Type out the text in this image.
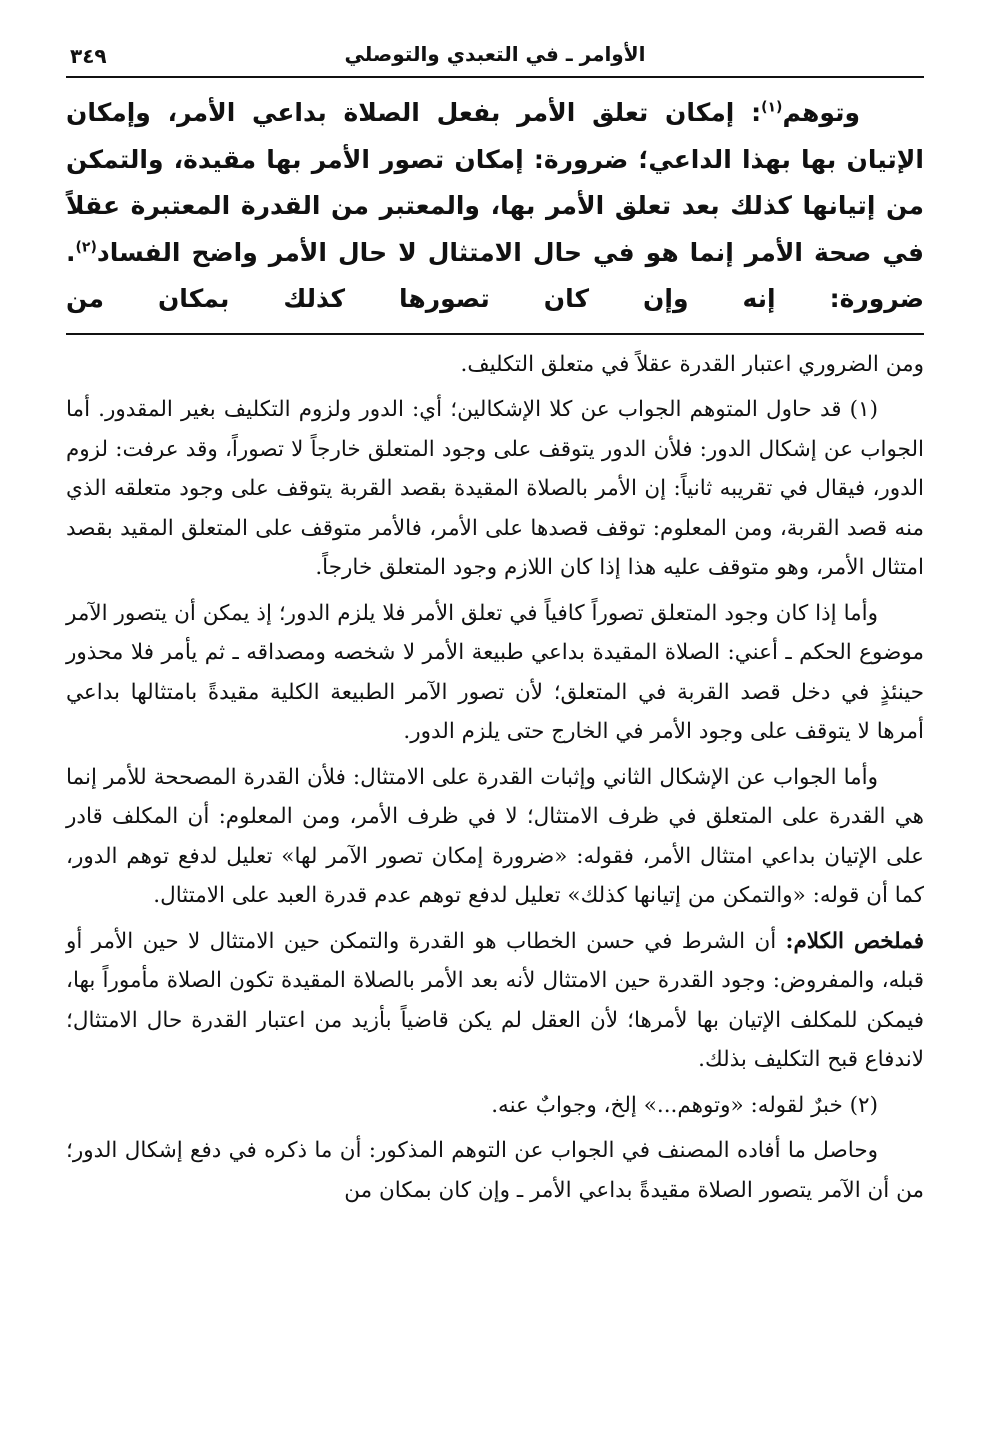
الأوامر ـ في التعبدي والتوصلي
٣٤٩
وتوهم$^{(١)}$: إمكان تعلق الأمر بفعل الصلاة بداعي الأمر، وإمكان الإتيان بها بهذا الداعي؛ ضرورة: إمكان تصور الأمر بها مقيدة، والتمكن من إتيانها كذلك بعد تعلق الأمر بها، والمعتبر من القدرة المعتبرة عقلاً في صحة الأمر إنما هو في حال الامتثال لا حال الأمر واضح الفساد$^{(٢)}$. ضرورة: إنه وإن كان تصورها كذلك بمكان من

ومن الضروري اعتبار القدرة عقلاً في متعلق التكليف.

(١) قد حاول المتوهم الجواب عن كلا الإشكالين؛ أي: الدور ولزوم التكليف بغير المقدور. أما الجواب عن إشكال الدور: فلأن الدور يتوقف على وجود المتعلق خارجاً لا تصوراً، وقد عرفت: لزوم الدور، فيقال في تقريبه ثانياً: إن الأمر بالصلاة المقيدة بقصد القربة يتوقف على وجود متعلقه الذي منه قصد القربة، ومن المعلوم: توقف قصدها على الأمر، فالأمر متوقف على المتعلق المقيد بقصد امتثال الأمر، وهو متوقف عليه هذا إذا كان اللازم وجود المتعلق خارجاً.

وأما إذا كان وجود المتعلق تصوراً كافياً في تعلق الأمر فلا يلزم الدور؛ إذ يمكن أن يتصور الآمر موضوع الحكم ـ أعني: الصلاة المقيدة بداعي طبيعة الأمر لا شخصه ومصداقه ـ ثم يأمر فلا محذور حينئذٍ في دخل قصد القربة في المتعلق؛ لأن تصور الآمر الطبيعة الكلية مقيدةً بامتثالها بداعي أمرها لا يتوقف على وجود الأمر في الخارج حتى يلزم الدور.

وأما الجواب عن الإشكال الثاني وإثبات القدرة على الامتثال: فلأن القدرة المصححة للأمر إنما هي القدرة على المتعلق في ظرف الامتثال؛ لا في ظرف الأمر، ومن المعلوم: أن المكلف قادر على الإتيان بداعي امتثال الأمر، فقوله: «ضرورة إمكان تصور الآمر لها» تعليل لدفع توهم الدور، كما أن قوله: «والتمكن من إتيانها كذلك» تعليل لدفع توهم عدم قدرة العبد على الامتثال.

فملخص الكلام: أن الشرط في حسن الخطاب هو القدرة والتمكن حين الامتثال لا حين الأمر أو قبله، والمفروض: وجود القدرة حين الامتثال لأنه بعد الأمر بالصلاة المقيدة تكون الصلاة مأموراً بها، فيمكن للمكلف الإتيان بها لأمرها؛ لأن العقل لم يكن قاضياً بأزيد من اعتبار القدرة حال الامتثال؛ لاندفاع قبح التكليف بذلك.

(٢) خبرٌ لقوله: «وتوهم...» إلخ، وجوابٌ عنه.

وحاصل ما أفاده المصنف في الجواب عن التوهم المذكور: أن ما ذكره في دفع إشكال الدور؛ من أن الآمر يتصور الصلاة مقيدةً بداعي الأمر ـ وإن كان بمكان من
